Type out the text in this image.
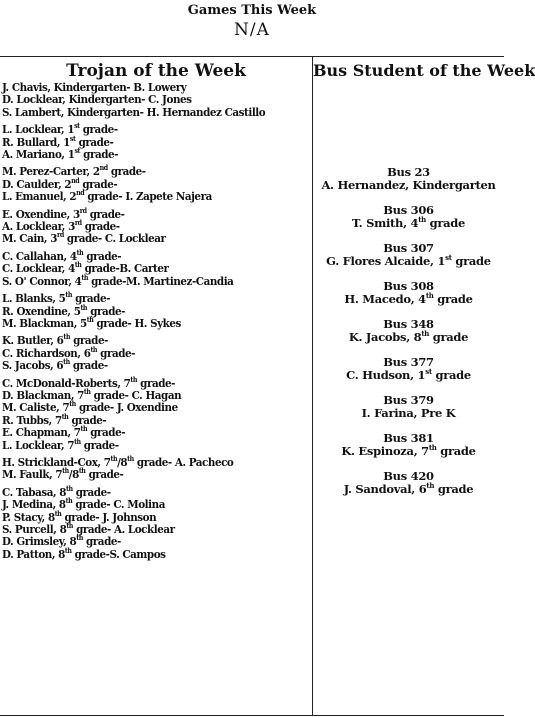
Games This Week
N/A
Trojan of the Week
J. Chavis, Kindergarten- B. Lowery
D. Locklear, Kindergarten- C. Jones
S. Lambert, Kindergarten- H. Hernandez Castillo
L. Locklear, 1st grade-
R. Bullard, 1st grade-
A. Mariano, 1st grade-
M. Perez-Carter, 2nd grade-
D. Caulder, 2nd grade-
L. Emanuel, 2nd grade- I. Zapete Najera
E. Oxendine, 3rd grade-
A. Locklear, 3rd grade-
M. Cain, 3rd grade- C. Locklear
C. Callahan, 4th grade-
C. Locklear, 4th grade-B. Carter
S. O' Connor, 4th grade-M. Martinez-Candia
L. Blanks, 5th grade-
R. Oxendine, 5th grade-
M. Blackman, 5th grade- H. Sykes
K. Butler, 6th grade-
C. Richardson, 6th grade-
S. Jacobs, 6th grade-
C. McDonald-Roberts, 7th grade-
D. Blackman, 7th grade- C. Hagan
M. Caliste, 7th grade- J. Oxendine
R. Tubbs, 7th grade-
E. Chapman, 7th grade-
L. Locklear, 7th grade-
H. Strickland-Cox, 7th/8th grade- A. Pacheco
M. Faulk, 7th/8th grade-
C. Tabasa, 8th grade-
J. Medina, 8th grade- C. Molina
P. Stacy, 8th grade- J. Johnson
S. Purcell, 8th grade- A. Locklear
D. Grimsley, 8th grade-
D. Patton, 8th grade-S. Campos
Bus Student of the Week
Bus 23
A. Hernandez, Kindergarten
Bus 306
T. Smith, 4th grade
Bus 307
G. Flores Alcaide, 1st grade
Bus 308
H. Macedo, 4th grade
Bus 348
K. Jacobs, 8th grade
Bus 377
C. Hudson, 1st grade
Bus 379
I. Farina, Pre K
Bus 381
K. Espinoza, 7th grade
Bus 420
J. Sandoval, 6th grade
